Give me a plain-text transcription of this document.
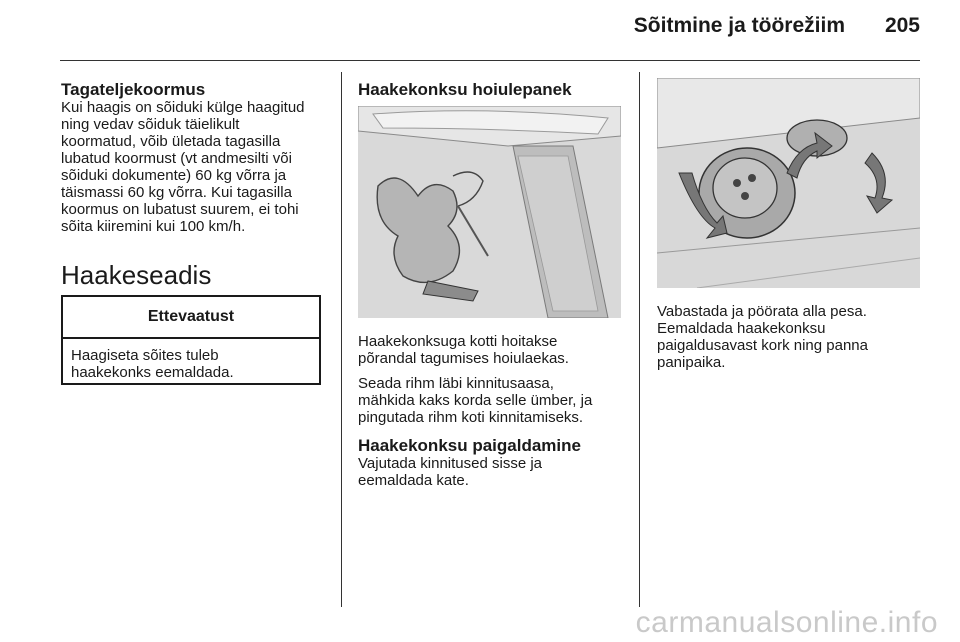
Sõitmine ja töörežiim 205
Tagateljekoormus

Kui haagis on sõiduki külge haagitud

ning vedav sõiduk täielikult

koormatud, võib ületada tagasilla

lubatud koormust (vt andmesilti või

sõiduki dokumente) 60 kg võrra ja

täismassi 60 kg võrra. Kui tagasilla

koormus on lubatust suurem, ei tohi

sõita kiiremini kui 100 km/h.

Haakeseadis
Ettevaatust
Haagiseta sõites tuleb
haakekonks eemaldada.
Haakekonksu hoiulepanek

Haakekonksuga kotti hoitakse

põrandal tagumises hoiulaekas.

Seada rihm läbi kinnitusaasa,

mähkida kaks korda selle ümber, ja

pingutada rihm koti kinnitamiseks.

Haakekonksu paigaldamine

Vajutada kinnitused sisse ja

eemaldada kate.

Vabastada ja pöörata alla pesa.

Eemaldada haakekonksu

paigaldusavast kork ning panna

panipaika.

carmanualsonline.info
